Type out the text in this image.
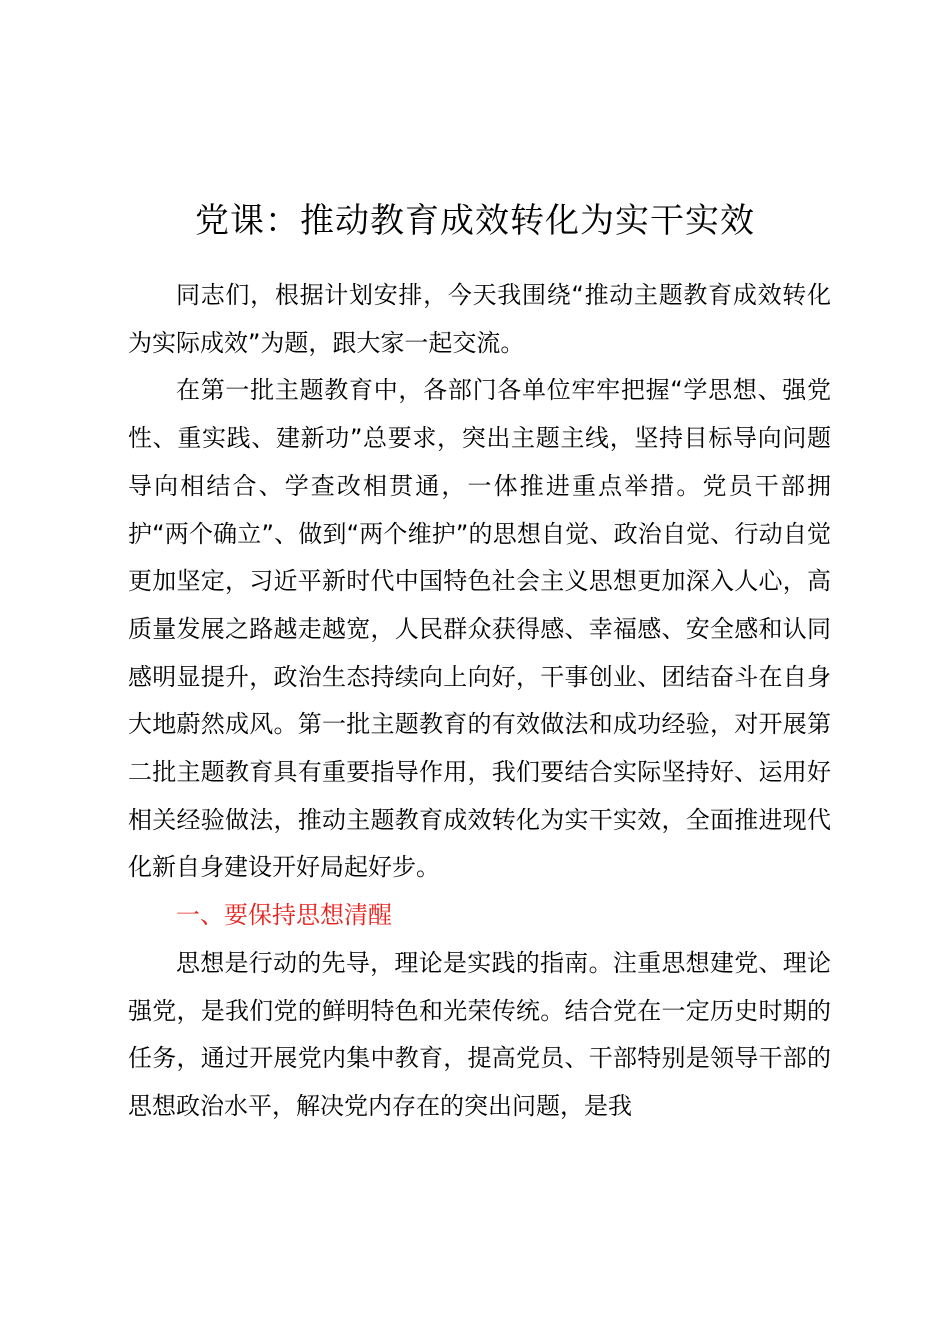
党课：推动教育成效转化为实干实效

同志们，根据计划安排，今天我围绕“推动主题教育成效转化为实际成效”为题，跟大家一起交流。

在第一批主题教育中，各部门各单位牢牢把握“学思想、强党性、重实践、建新功”总要求，突出主题主线，坚持目标导向问题导向相结合、学查改相贯通，一体推进重点举措。党员干部拥护“两个确立”、做到“两个维护”的思想自觉、政治自觉、行动自觉更加坚定，习近平新时代中国特色社会主义思想更加深入人心，高质量发展之路越走越宽，人民群众获得感、幸福感、安全感和认同感明显提升，政治生态持续向上向好，干事创业、团结奋斗在自身大地蔚然成风。第一批主题教育的有效做法和成功经验，对开展第二批主题教育具有重要指导作用，我们要结合实际坚持好、运用好相关经验做法，推动主题教育成效转化为实干实效，全面推进现代化新自身建设开好局起好步。

一、要保持思想清醒

思想是行动的先导，理论是实践的指南。注重思想建党、理论强党，是我们党的鲜明特色和光荣传统。结合党在一定历史时期的任务，通过开展党内集中教育，提高党员、干部特别是领导干部的思想政治水平，解决党内存在的突出问题，是我
